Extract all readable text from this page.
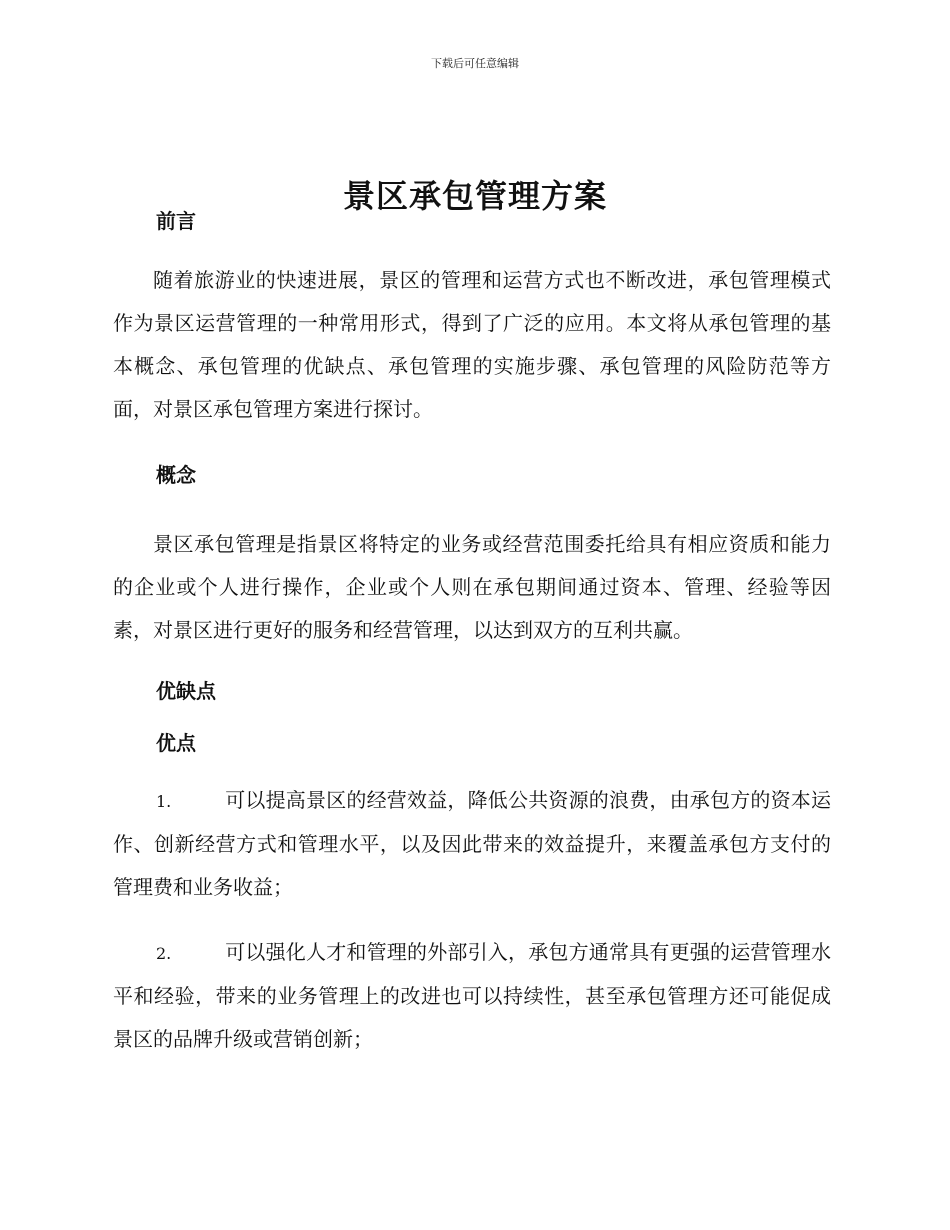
下载后可任意编辑
景区承包管理方案
前言

随着旅游业的快速进展，景区的管理和运营方式也不断改进，承包管理模式作为景区运营管理的一种常用形式，得到了广泛的应用。本文将从承包管理的基本概念、承包管理的优缺点、承包管理的实施步骤、承包管理的风险防范等方面，对景区承包管理方案进行探讨。

概念

景区承包管理是指景区将特定的业务或经营范围委托给具有相应资质和能力的企业或个人进行操作，企业或个人则在承包期间通过资本、管理、经验等因素，对景区进行更好的服务和经营管理，以达到双方的互利共赢。

优缺点
优点

1.	可以提高景区的经营效益，降低公共资源的浪费，由承包方的资本运作、创新经营方式和管理水平，以及因此带来的效益提升，来覆盖承包方支付的管理费和业务收益；

2.	可以强化人才和管理的外部引入，承包方通常具有更强的运营管理水平和经验，带来的业务管理上的改进也可以持续性，甚至承包管理方还可能促成景区的品牌升级或营销创新；
